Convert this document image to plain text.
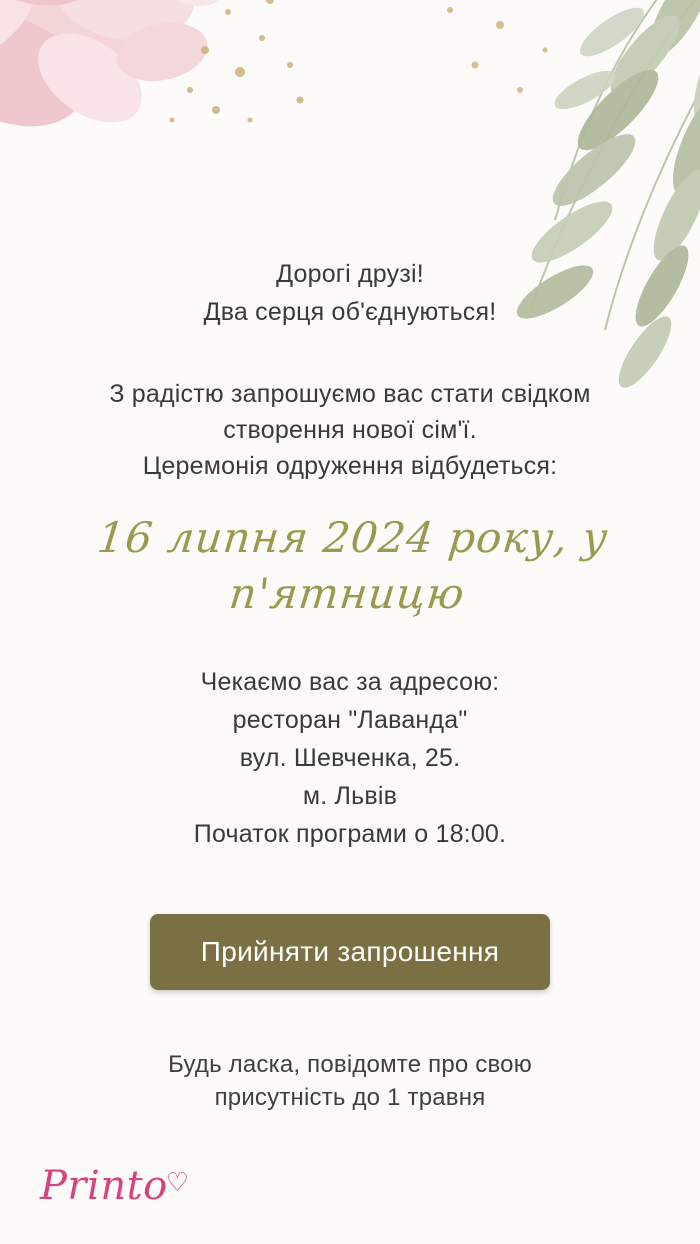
Дорогі друзі!
Два серця об'єднуються!
З радістю запрошуємо вас стати свідком
створення нової сім'ї.
Церемонія одруження відбудеться:
16 липня 2024 року, у п'ятницю
Чекаємо вас за адресою:
ресторан "Лаванда"
вул. Шевченка, 25.
м. Львів
Початок програми о 18:00.
Прийняти запрошення
Будь ласка, повідомте про свою
присутність до 1 травня
Printo
♡
